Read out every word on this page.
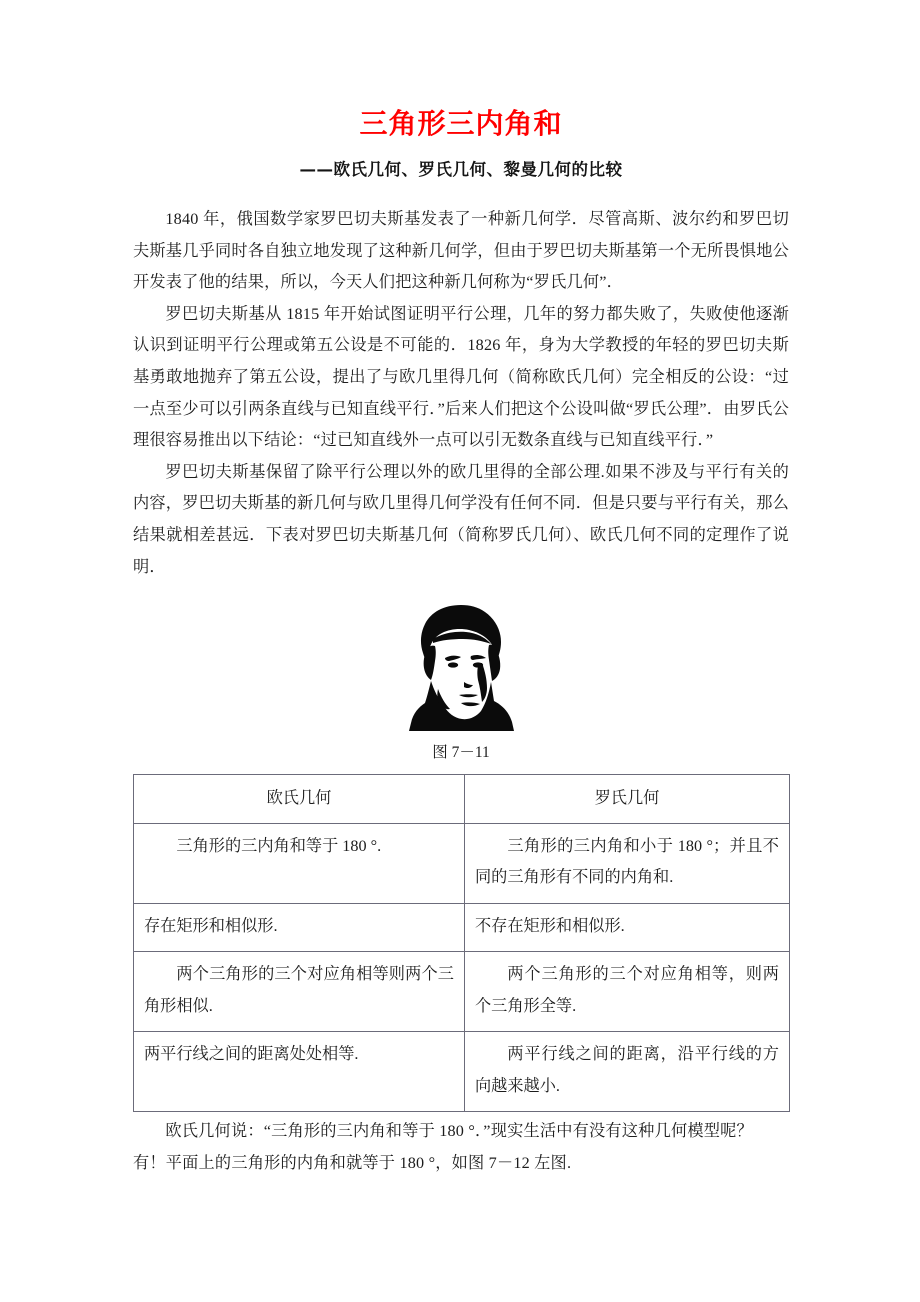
三角形三内角和
——欧氏几何、罗氏几何、黎曼几何的比较

1840 年，俄国数学家罗巴切夫斯基发表了一种新几何学．尽管高斯、波尔约和罗巴切夫斯基几乎同时各自独立地发现了这种新几何学，但由于罗巴切夫斯基第一个无所畏惧地公开发表了他的结果，所以，今天人们把这种新几何称为“罗氏几何”．

罗巴切夫斯基从 1815 年开始试图证明平行公理，几年的努力都失败了，失败使他逐渐认识到证明平行公理或第五公设是不可能的．1826 年，身为大学教授的年轻的罗巴切夫斯基勇敢地抛弃了第五公设，提出了与欧几里得几何（简称欧氏几何）完全相反的公设：“过一点至少可以引两条直线与已知直线平行．”后来人们把这个公设叫做“罗氏公理”．由罗氏公理很容易推出以下结论：“过已知直线外一点可以引无数条直线与已知直线平行．”

罗巴切夫斯基保留了除平行公理以外的欧几里得的全部公理.如果不涉及与平行有关的内容，罗巴切夫斯基的新几何与欧几里得几何学没有任何不同．但是只要与平行有关，那么结果就相差甚远．下表对罗巴切夫斯基几何（简称罗氏几何）、欧氏几何不同的定理作了说明．

图 7－11

欧氏几何	罗氏几何
三角形的三内角和等于 180 °.	三角形的三内角和小于 180 °；并且不同的三角形有不同的内角和.
存在矩形和相似形.	不存在矩形和相似形.
两个三角形的三个对应角相等则两个三角形相似.	两个三角形的三个对应角相等，则两个三角形全等.
两平行线之间的距离处处相等.	两平行线之间的距离，沿平行线的方向越来越小.

欧氏几何说：“三角形的三内角和等于 180 °．”现实生活中有没有这种几何模型呢？

有！平面上的三角形的内角和就等于 180 °，如图 7－12 左图.
